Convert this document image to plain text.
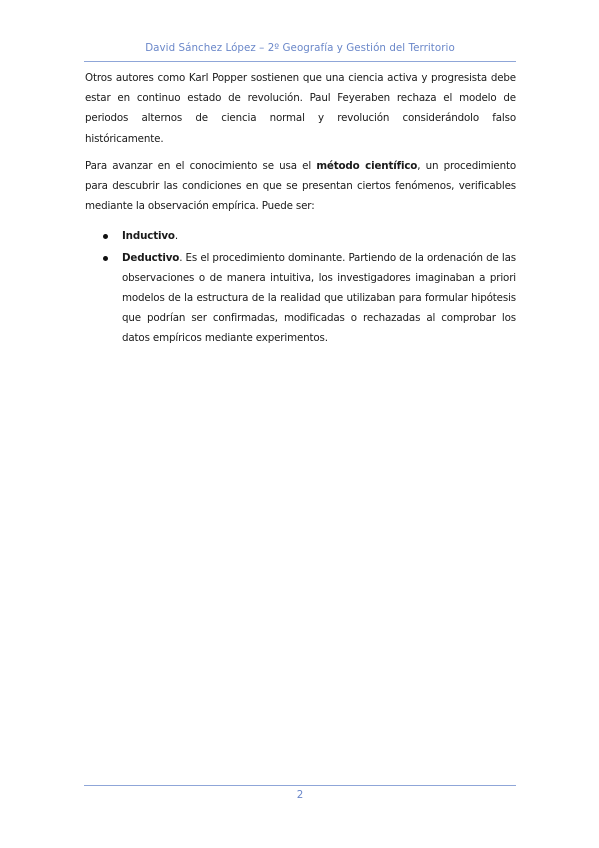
David Sánchez López – 2º Geografía y Gestión del Territorio

Otros autores como Karl Popper sostienen que una ciencia activa y progresista debe estar en continuo estado de revolución. Paul Feyeraben rechaza el modelo de periodos alternos de ciencia normal y revolución considerándolo falso históricamente.

Para avanzar en el conocimiento se usa el método científico, un procedimiento para descubrir las condiciones en que se presentan ciertos fenómenos, verificables mediante la observación empírica. Puede ser:

Inductivo.
Deductivo. Es el procedimiento dominante. Partiendo de la ordenación de las observaciones o de manera intuitiva, los investigadores imaginaban a priori modelos de la estructura de la realidad que utilizaban para formular hipótesis que podrían ser confirmadas, modificadas o rechazadas al comprobar los datos empíricos mediante experimentos.
2
